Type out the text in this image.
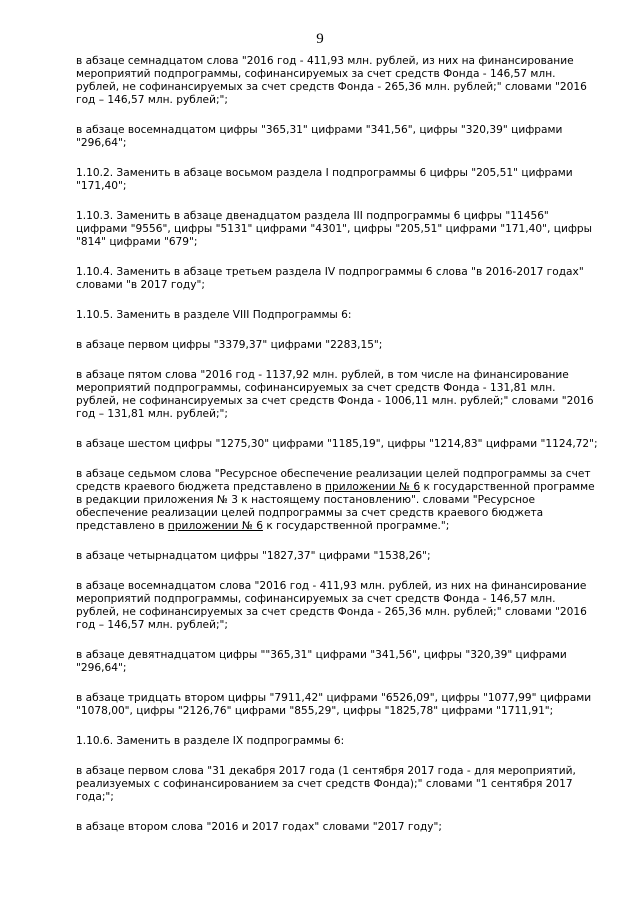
9

в абзаце семнадцатом слова "2016 год - 411,93 млн. рублей, из них на финансирование мероприятий подпрограммы, софинансируемых за счет средств Фонда - 146,57 млн. рублей, не софинансируемых за счет средств Фонда - 265,36 млн. рублей;" словами "2016 год – 146,57 млн. рублей;";

в абзаце восемнадцатом цифры "365,31" цифрами "341,56", цифры "320,39" цифрами "296,64";

1.10.2. Заменить в абзаце восьмом раздела I подпрограммы 6 цифры "205,51" цифрами "171,40";

1.10.3. Заменить в абзаце двенадцатом раздела III подпрограммы 6 цифры "11456" цифрами "9556", цифры "5131" цифрами "4301", цифры "205,51" цифрами "171,40", цифры "814" цифрами "679";

1.10.4. Заменить в абзаце третьем раздела IV подпрограммы 6 слова "в 2016-2017 годах" словами "в 2017 году";

1.10.5. Заменить в разделе VIII Подпрограммы 6:

в абзаце первом цифры "3379,37" цифрами "2283,15";

в абзаце пятом слова "2016 год - 1137,92 млн. рублей, в том числе на финансирование мероприятий подпрограммы, софинансируемых за счет средств Фонда - 131,81 млн. рублей, не софинансируемых за счет средств Фонда - 1006,11 млн. рублей;" словами "2016 год – 131,81 млн. рублей;";

в абзаце шестом цифры "1275,30" цифрами "1185,19", цифры "1214,83" цифрами "1124,72";

в абзаце седьмом слова "Ресурсное обеспечение реализации целей подпрограммы за счет средств краевого бюджета представлено в приложении № 6 к государственной программе в редакции приложения № 3 к настоящему постановлению". словами "Ресурсное обеспечение реализации целей подпрограммы за счет средств краевого бюджета представлено в приложении № 6 к государственной программе.";

в абзаце четырнадцатом цифры "1827,37" цифрами "1538,26";

в абзаце восемнадцатом слова "2016 год - 411,93 млн. рублей, из них на финансирование мероприятий подпрограммы, софинансируемых за счет средств Фонда - 146,57 млн. рублей, не софинансируемых за счет средств Фонда - 265,36 млн. рублей;" словами "2016 год – 146,57 млн. рублей;";

в абзаце девятнадцатом цифры ""365,31" цифрами "341,56", цифры "320,39" цифрами "296,64";

в абзаце тридцать втором цифры "7911,42" цифрами "6526,09", цифры "1077,99" цифрами "1078,00", цифры "2126,76" цифрами "855,29", цифры "1825,78" цифрами "1711,91";

1.10.6. Заменить в разделе IX подпрограммы 6:

в абзаце первом слова "31 декабря 2017 года (1 сентября 2017 года - для мероприятий, реализуемых с софинансированием за счет средств Фонда);" словами "1 сентября 2017 года;";

в абзаце втором слова "2016 и 2017 годах" словами "2017 году";
